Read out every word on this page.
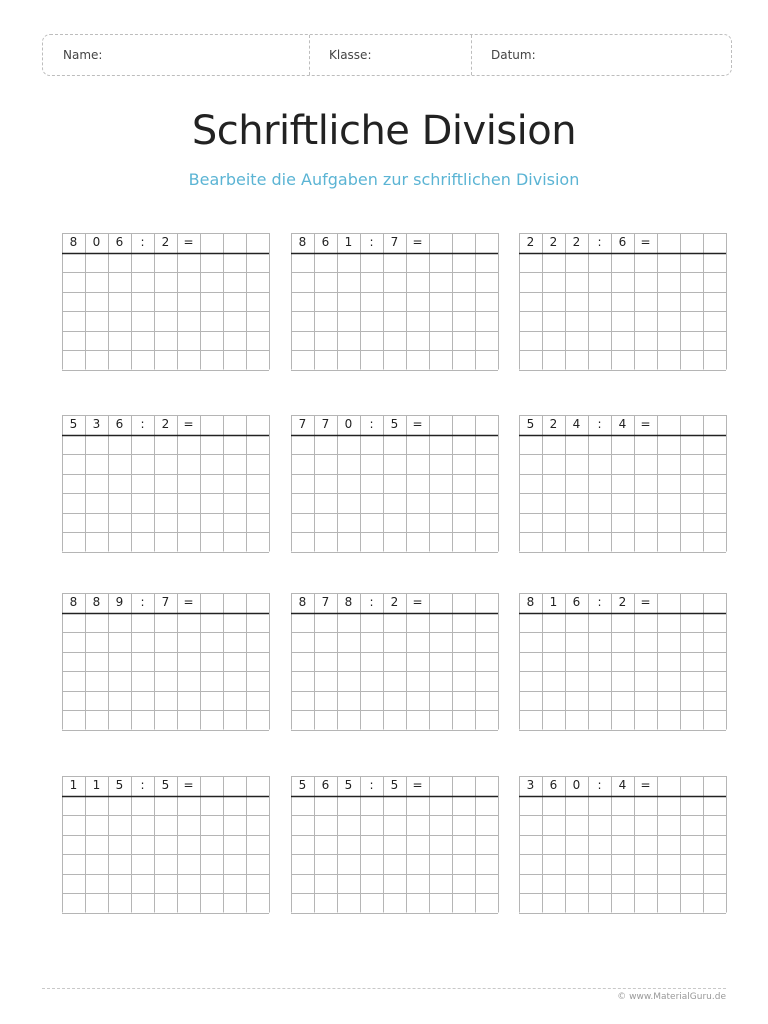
Name:	Klasse:	Datum:
Schriftliche Division
Bearbeite die Aufgaben zur schriftlichen Division
8	0	6	:	2	=	8	6	1	:	7	=	2	2	2	:	6	=
5	3	6	:	2	=	7	7	0	:	5	=	5	2	4	:	4	=
8	8	9	:	7	=	8	7	8	:	2	=	8	1	6	:	2	=
1	1	5	:	5	=	5	6	5	:	5	=	3	6	0	:	4	=
© www.MaterialGuru.de
